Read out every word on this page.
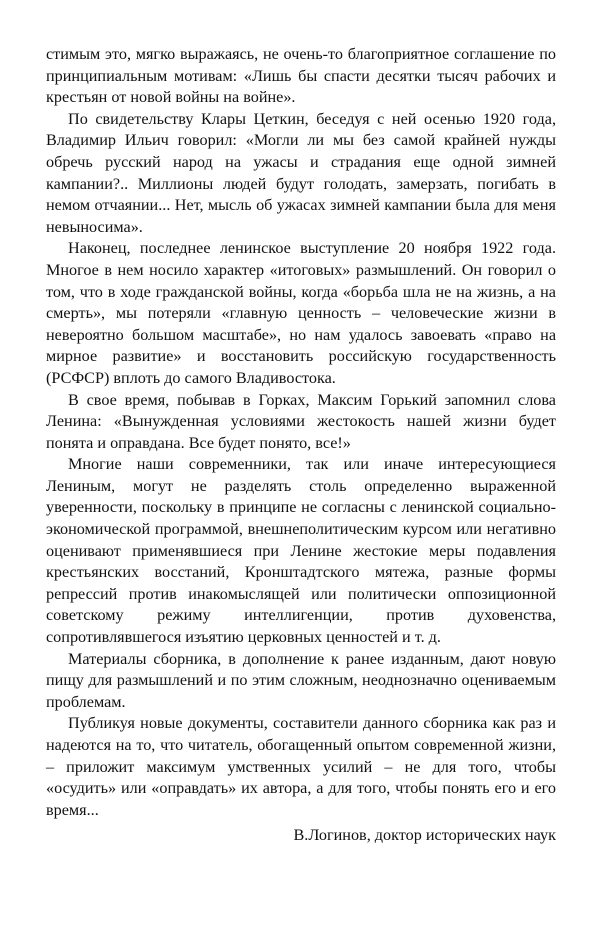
стимым это, мягко выражаясь, не очень-то благоприятное соглашение по принципиальным мотивам: «Лишь бы спасти десятки тысяч рабочих и крестьян от новой войны на войне».

По свидетельству Клары Цеткин, беседуя с ней осенью 1920 года, Владимир Ильич говорил: «Могли ли мы без самой крайней нужды обречь русский народ на ужасы и страдания еще одной зимней кампании?.. Миллионы людей будут голодать, замерзать, погибать в немом отчаянии... Нет, мысль об ужасах зимней кампании была для меня невыносима».

Наконец, последнее ленинское выступление 20 ноября 1922 года. Многое в нем носило характер «итоговых» размышлений. Он говорил о том, что в ходе гражданской войны, когда «борьба шла не на жизнь, а на смерть», мы потеряли «главную ценность – человеческие жизни в невероятно большом масштабе», но нам удалось завоевать «право на мирное развитие» и восстановить российскую государственность (РСФСР) вплоть до самого Владивостока.

В свое время, побывав в Горках, Максим Горький запомнил слова Ленина: «Вынужденная условиями жестокость нашей жизни будет понята и оправдана. Все будет понято, все!»

Многие наши современники, так или иначе интересующиеся Лениным, могут не разделять столь определенно выраженной уверенности, поскольку в принципе не согласны с ленинской социально-экономической программой, внешнеполитическим курсом или негативно оценивают применявшиеся при Ленине жестокие меры подавления крестьянских восстаний, Кронштадтского мятежа, разные формы репрессий против инакомыслящей или политически оппозиционной советскому режиму интеллигенции, против духовенства, сопротивлявшегося изъятию церковных ценностей и т. д.

Материалы сборника, в дополнение к ранее изданным, дают новую пищу для размышлений и по этим сложным, неоднозначно оцениваемым проблемам.

Публикуя новые документы, составители данного сборника как раз и надеются на то, что читатель, обогащенный опытом современной жизни, – приложит максимум умственных усилий – не для того, чтобы «осудить» или «оправдать» их автора, а для того, чтобы понять его и его время...

В.Логинов, доктор исторических наук
